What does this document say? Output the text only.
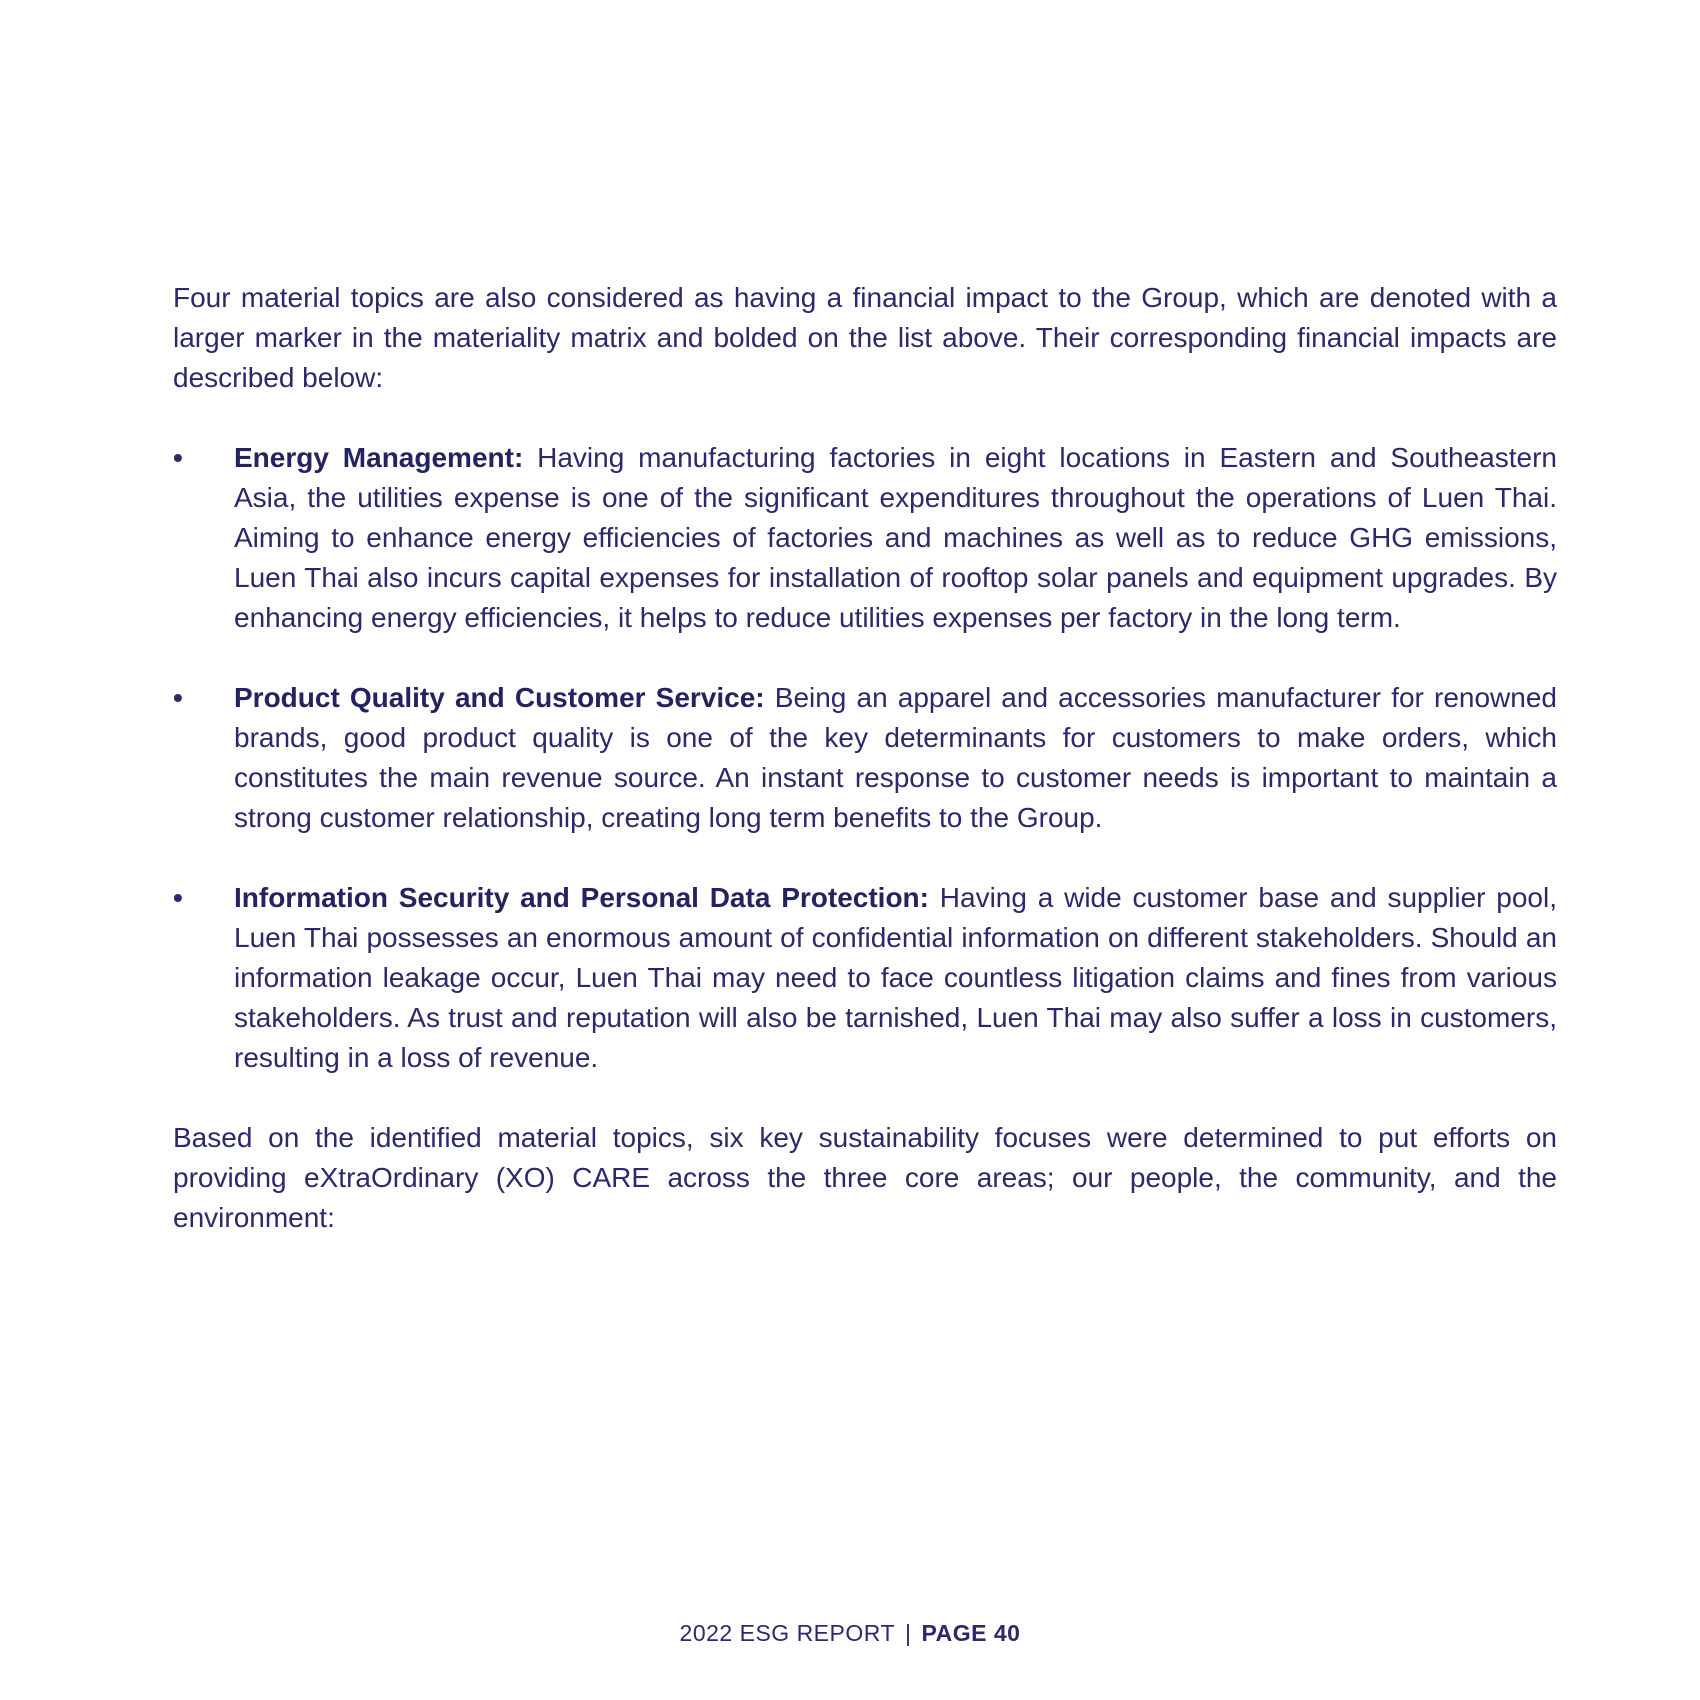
Four material topics are also considered as having a financial impact to the Group, which are denoted with a larger marker in the materiality matrix and bolded on the list above. Their corresponding financial impacts are described below:

•	Energy Management: Having manufacturing factories in eight locations in Eastern and Southeastern Asia, the utilities expense is one of the significant expenditures throughout the operations of Luen Thai. Aiming to enhance energy efficiencies of factories and machines as well as to reduce GHG emissions, Luen Thai also incurs capital expenses for installation of rooftop solar panels and equipment upgrades. By enhancing energy efficiencies, it helps to reduce utilities expenses per factory in the long term.
•	Product Quality and Customer Service: Being an apparel and accessories manufacturer for renowned brands, good product quality is one of the key determinants for customers to make orders, which constitutes the main revenue source. An instant response to customer needs is important to maintain a strong customer relationship, creating long term benefits to the Group.
•	Information Security and Personal Data Protection: Having a wide customer base and supplier pool, Luen Thai possesses an enormous amount of confidential information on different stakeholders. Should an information leakage occur, Luen Thai may need to face countless litigation claims and fines from various stakeholders. As trust and reputation will also be tarnished, Luen Thai may also suffer a loss in customers, resulting in a loss of revenue.

Based on the identified material topics, six key sustainability focuses were determined to put efforts on providing eXtraOrdinary (XO) CARE across the three core areas; our people, the community, and the environment:

2022 ESG REPORT | PAGE 40
